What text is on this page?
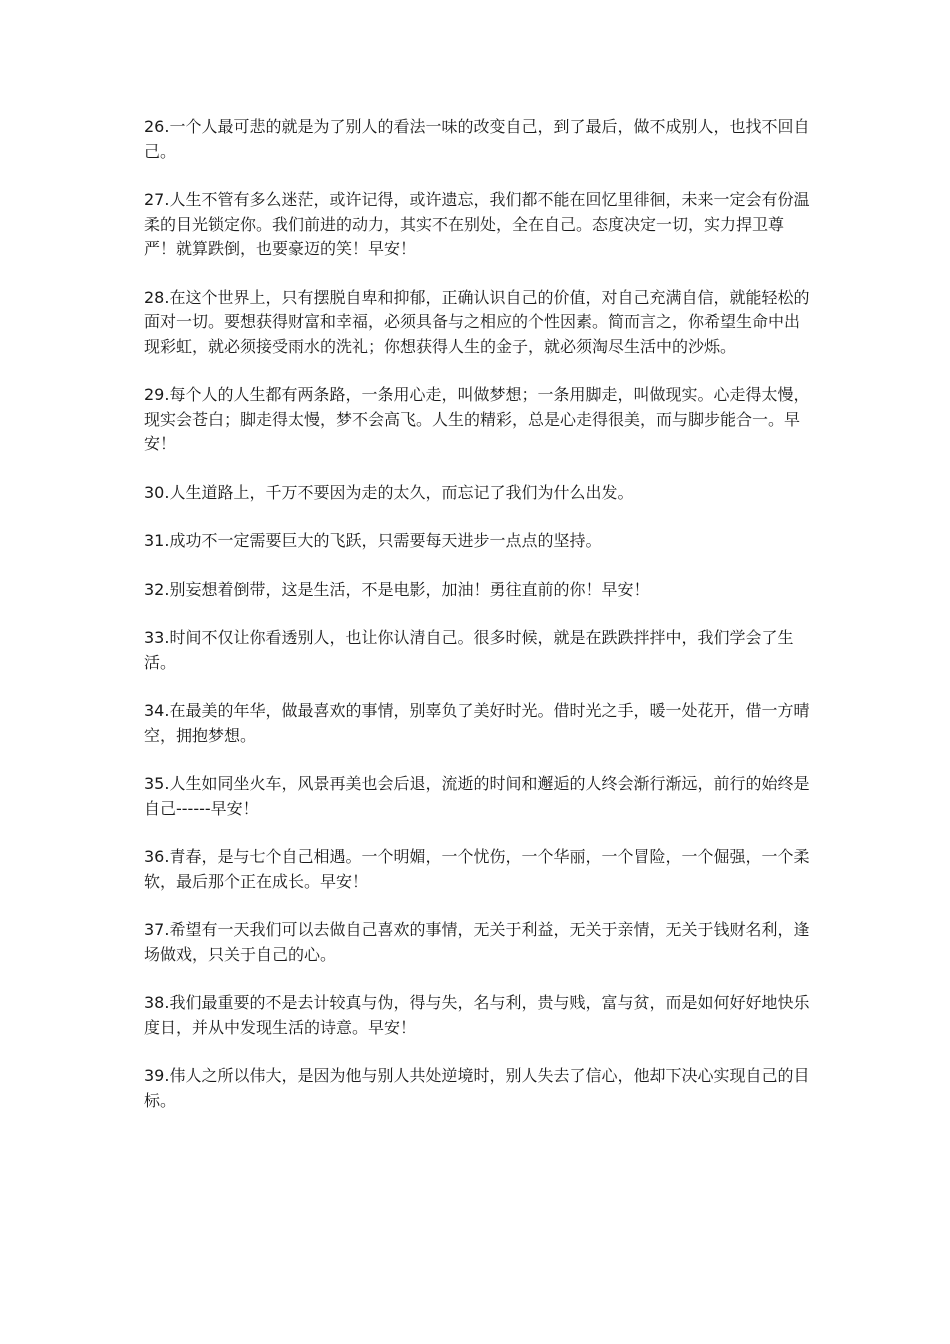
26.一个人最可悲的就是为了别人的看法一味的改变自己，到了最后，做不成别人，也找不回自己。

27.人生不管有多么迷茫，或许记得，或许遗忘，我们都不能在回忆里徘徊，未来一定会有份温柔的目光锁定你。我们前进的动力，其实不在别处，全在自己。态度决定一切，实力捍卫尊严！就算跌倒，也要豪迈的笑！早安！

28.在这个世界上，只有摆脱自卑和抑郁，正确认识自己的价值，对自己充满自信，就能轻松的面对一切。要想获得财富和幸福，必须具备与之相应的个性因素。简而言之，你希望生命中出现彩虹，就必须接受雨水的洗礼；你想获得人生的金子，就必须淘尽生活中的沙烁。

29.每个人的人生都有两条路，一条用心走，叫做梦想；一条用脚走，叫做现实。心走得太慢，现实会苍白；脚走得太慢，梦不会高飞。人生的精彩，总是心走得很美，而与脚步能合一。早安！

30.人生道路上，千万不要因为走的太久，而忘记了我们为什么出发。

31.成功不一定需要巨大的飞跃，只需要每天进步一点点的坚持。

32.别妄想着倒带，这是生活，不是电影，加油！勇往直前的你！早安！

33.时间不仅让你看透别人，也让你认清自己。很多时候，就是在跌跌拌拌中，我们学会了生活。

34.在最美的年华，做最喜欢的事情，别辜负了美好时光。借时光之手，暖一处花开，借一方晴空，拥抱梦想。

35.人生如同坐火车，风景再美也会后退，流逝的时间和邂逅的人终会渐行渐远，前行的始终是自己------早安！

36.青春，是与七个自己相遇。一个明媚，一个忧伤，一个华丽，一个冒险，一个倔强，一个柔软，最后那个正在成长。早安！

37.希望有一天我们可以去做自己喜欢的事情，无关于利益，无关于亲情，无关于钱财名利，逢场做戏，只关于自己的心。

38.我们最重要的不是去计较真与伪，得与失，名与利，贵与贱，富与贫，而是如何好好地快乐度日，并从中发现生活的诗意。早安！

39.伟人之所以伟大，是因为他与别人共处逆境时，别人失去了信心，他却下决心实现自己的目标。
